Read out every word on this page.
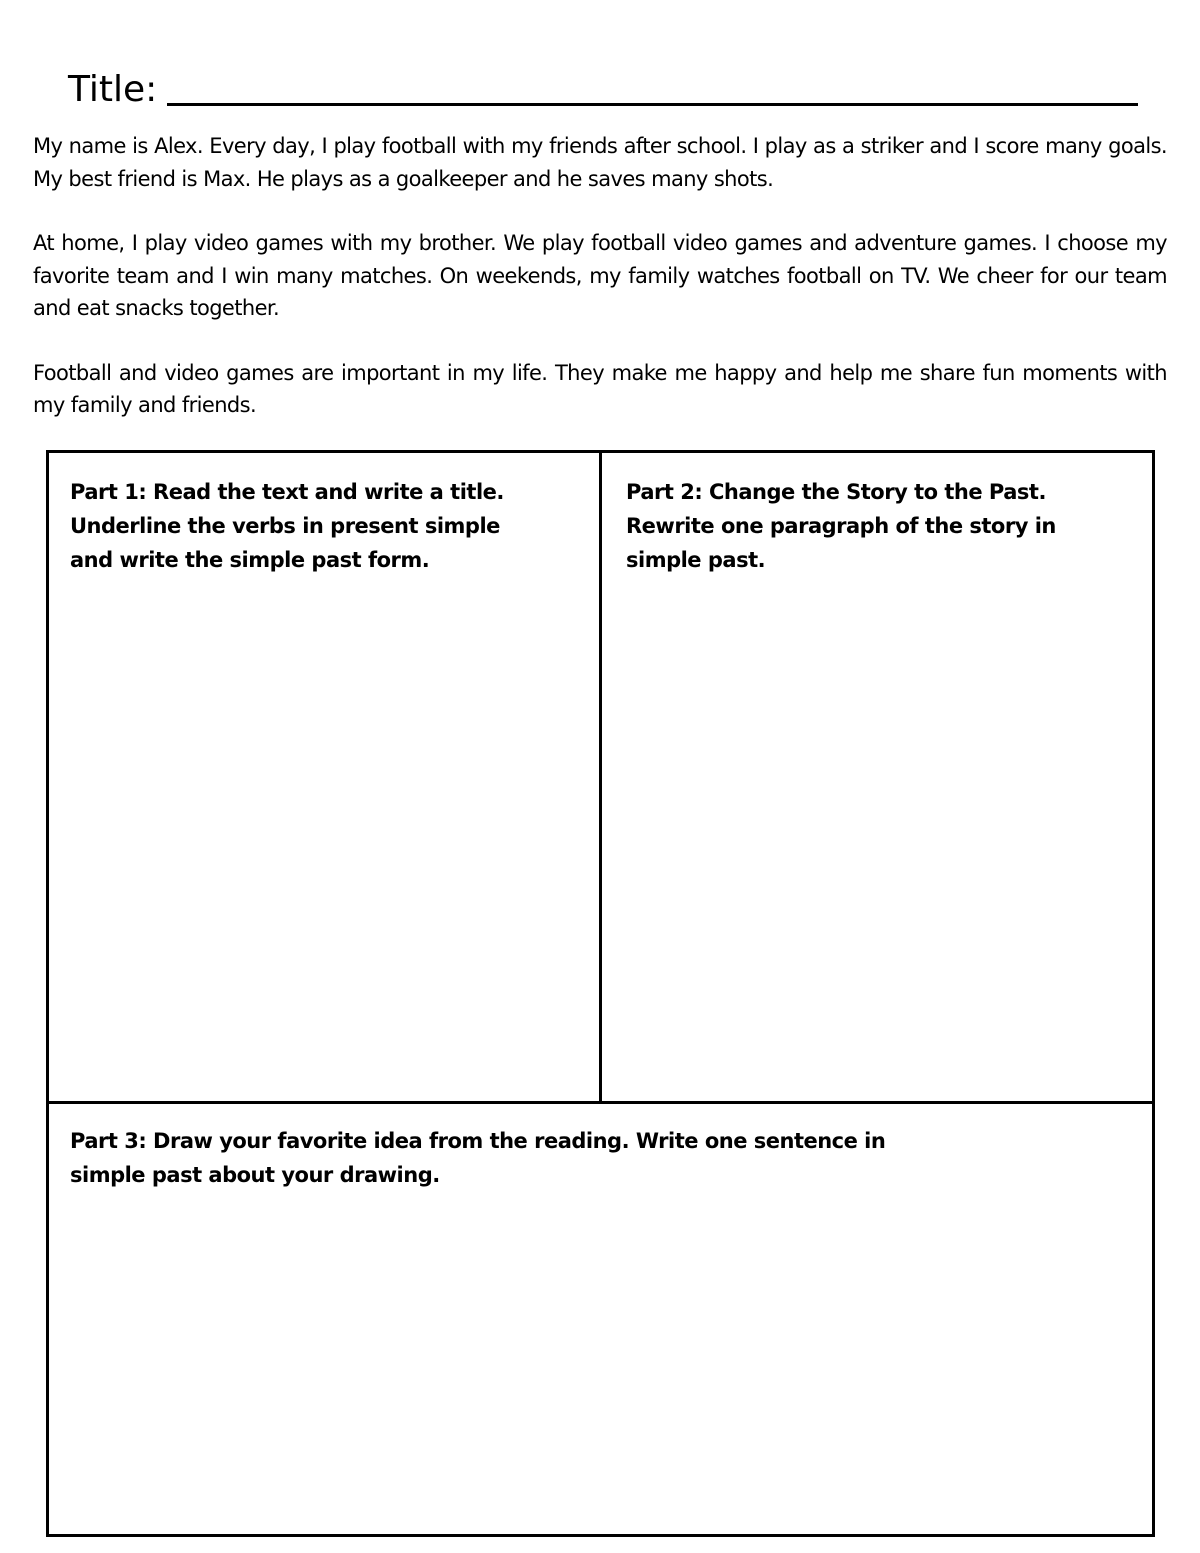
Title:

My name is Alex. Every day, I play football with my friends after school. I play as a striker and I score many goals. My best friend is Max. He plays as a goalkeeper and he saves many shots.

At home, I play video games with my brother. We play football video games and adventure games. I choose my favorite team and I win many matches. On weekends, my family watches football on TV. We cheer for our team and eat snacks together.

Football and video games are important in my life. They make me happy and help me share fun moments with my family and friends.

Part 1: Read the text and write a title.
Underline the verbs in present simple
and write the simple past form.
Part 2: Change the Story to the Past.
Rewrite one paragraph of the story in
simple past.
Part 3: Draw your favorite idea from the reading. Write one sentence in
simple past about your drawing.
